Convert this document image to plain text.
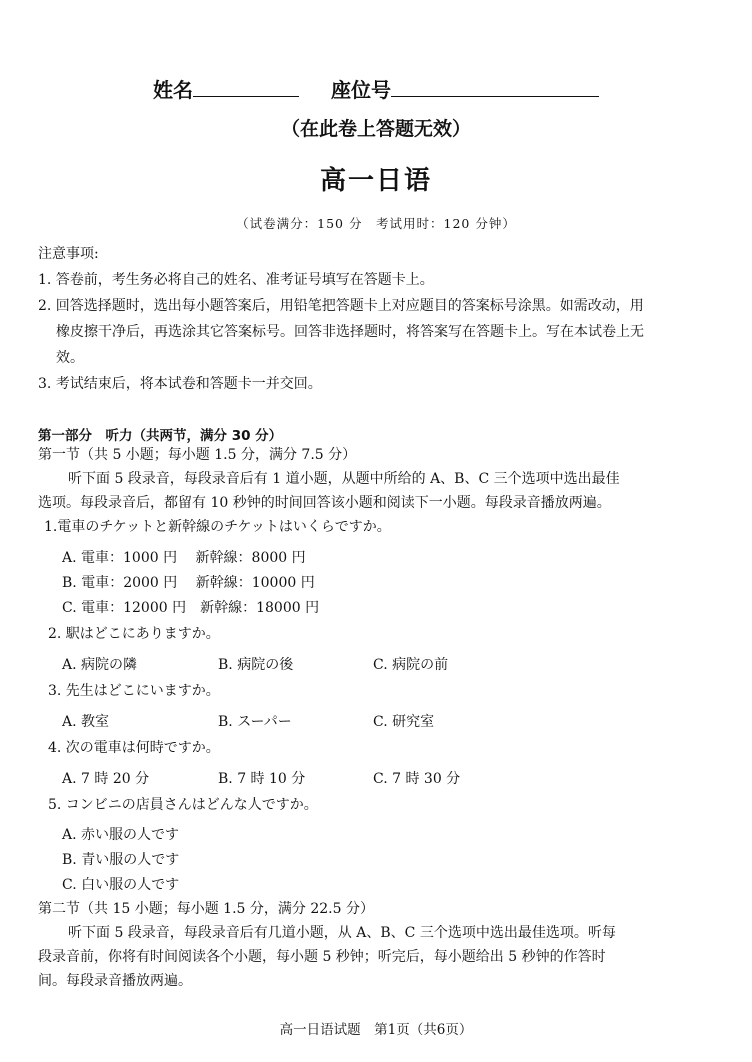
姓名	座位号
（在此卷上答题无效）
高一日语
（试卷满分：150 分　考试用时：120 分钟）
注意事项:
1. 答卷前，考生务必将自己的姓名、准考证号填写在答题卡上。
2. 回答选择题时，选出每小题答案后，用铅笔把答题卡上对应题目的答案标号涂黑。如需改动，用
橡皮擦干净后，再选涂其它答案标号。回答非选择题时，将答案写在答题卡上。写在本试卷上无
效。
3. 考试结束后，将本试卷和答题卡一并交回。
第一部分　听力（共两节，满分 30 分）
第一节（共 5 小题；每小题 1.5 分，满分 7.5 分）
听下面 5 段录音，每段录音后有 1 道小题，从题中所给的 A、B、C 三个选项中选出最佳
选项。每段录音后，都留有 10 秒钟的时间回答该小题和阅读下一小题。每段录音播放两遍。
1.電車のチケットと新幹線のチケットはいくらですか。
A. 電車：1000 円　 新幹線：8000 円
B. 電車：2000 円　 新幹線：10000 円
C. 電車：12000 円　新幹線：18000 円
2. 駅はどこにありますか。
A. 病院の隣	B. 病院の後	C. 病院の前
3. 先生はどこにいますか。
A. 教室	B. スーパー	C. 研究室
4. 次の電車は何時ですか。
A. 7 時 20 分	B. 7 時 10 分	C. 7 時 30 分
5. コンビニの店員さんはどんな人ですか。
A. 赤い服の人です
B. 青い服の人です
C. 白い服の人です
第二节（共 15 小题；每小题 1.5 分，满分 22.5 分）
听下面 5 段录音，每段录音后有几道小题，从 A、B、C 三个选项中选出最佳选项。听每
段录音前，你将有时间阅读各个小题，每小题 5 秒钟；听完后，每小题给出 5 秒钟的作答时
间。每段录音播放两遍。
高一日语试题　第1页（共6页）
